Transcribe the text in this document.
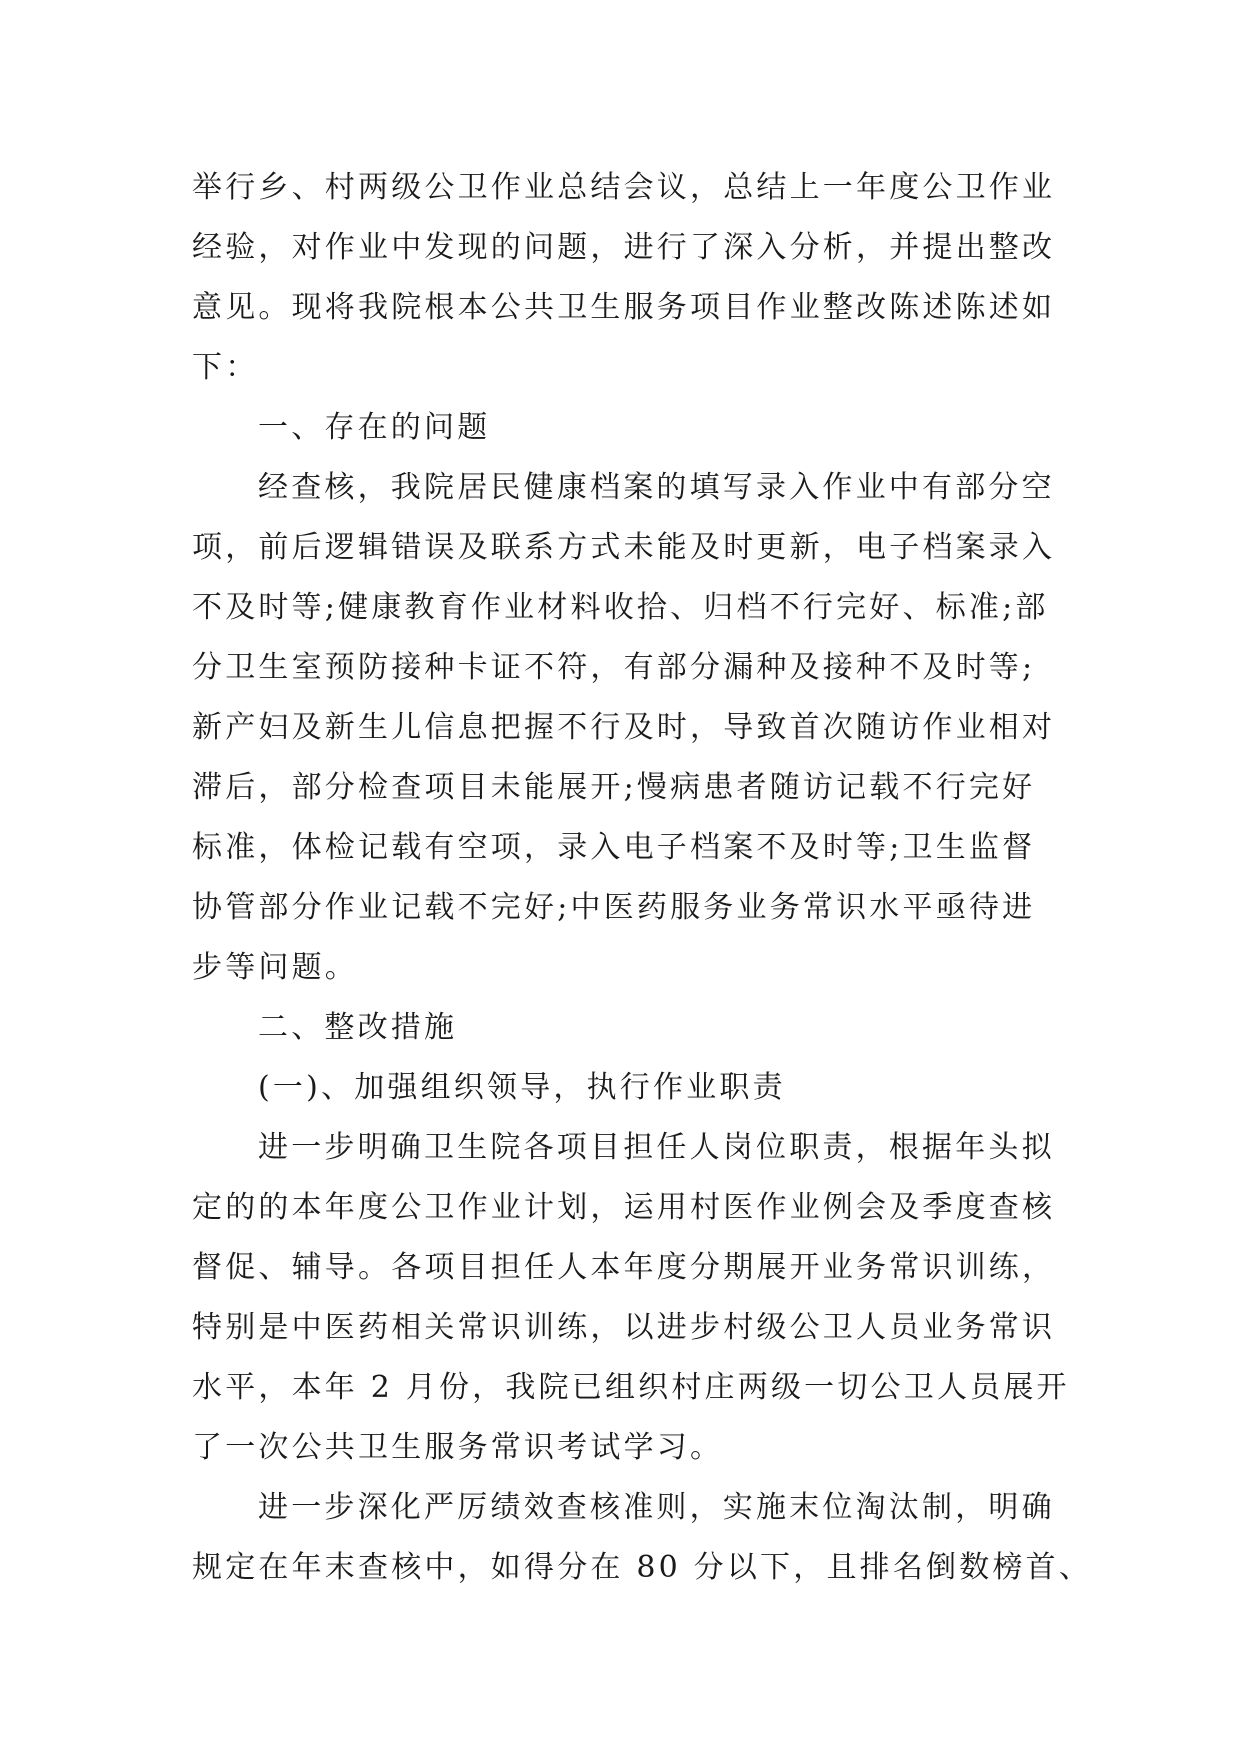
举行乡、村两级公卫作业总结会议，总结上一年度公卫作业
经验，对作业中发现的问题，进行了深入分析，并提出整改
意见。现将我院根本公共卫生服务项目作业整改陈述陈述如
下：
一、存在的问题
经查核，我院居民健康档案的填写录入作业中有部分空
项，前后逻辑错误及联系方式未能及时更新，电子档案录入
不及时等;健康教育作业材料收拾、归档不行完好、标准;部
分卫生室预防接种卡证不符，有部分漏种及接种不及时等;
新产妇及新生儿信息把握不行及时，导致首次随访作业相对
滞后，部分检查项目未能展开;慢病患者随访记载不行完好
标准，体检记载有空项，录入电子档案不及时等;卫生监督
协管部分作业记载不完好;中医药服务业务常识水平亟待进
步等问题。
二、整改措施
(一)、加强组织领导，执行作业职责
进一步明确卫生院各项目担任人岗位职责，根据年头拟
定的的本年度公卫作业计划，运用村医作业例会及季度查核
督促、辅导。各项目担任人本年度分期展开业务常识训练，
特别是中医药相关常识训练，以进步村级公卫人员业务常识
水平，本年 2 月份，我院已组织村庄两级一切公卫人员展开
了一次公共卫生服务常识考试学习。
进一步深化严厉绩效查核准则，实施末位淘汰制，明确
规定在年末查核中，如得分在 80 分以下，且排名倒数榜首、
